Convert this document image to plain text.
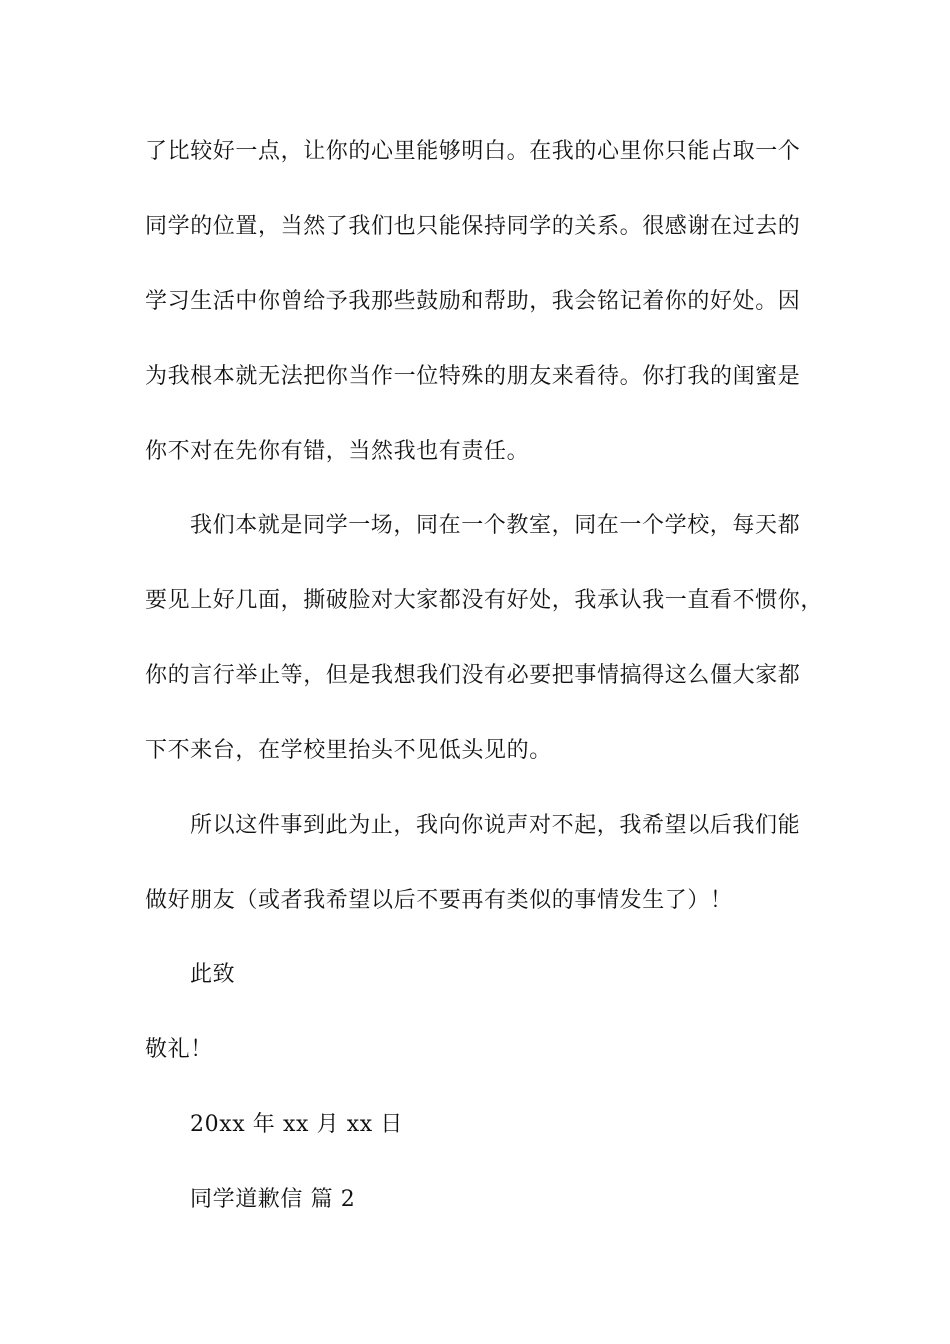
了比较好一点，让你的心里能够明白。在我的心里你只能占取一个
同学的位置，当然了我们也只能保持同学的关系。很感谢在过去的
学习生活中你曾给予我那些鼓励和帮助，我会铭记着你的好处。因
为我根本就无法把你当作一位特殊的朋友来看待。你打我的闺蜜是
你不对在先你有错，当然我也有责任。
我们本就是同学一场，同在一个教室，同在一个学校，每天都
要见上好几面，撕破脸对大家都没有好处，我承认我一直看不惯你，
你的言行举止等，但是我想我们没有必要把事情搞得这么僵大家都
下不来台，在学校里抬头不见低头见的。
所以这件事到此为止，我向你说声对不起，我希望以后我们能
做好朋友（或者我希望以后不要再有类似的事情发生了）！
此致
敬礼！
20xx 年 xx 月 xx 日
同学道歉信 篇 2
